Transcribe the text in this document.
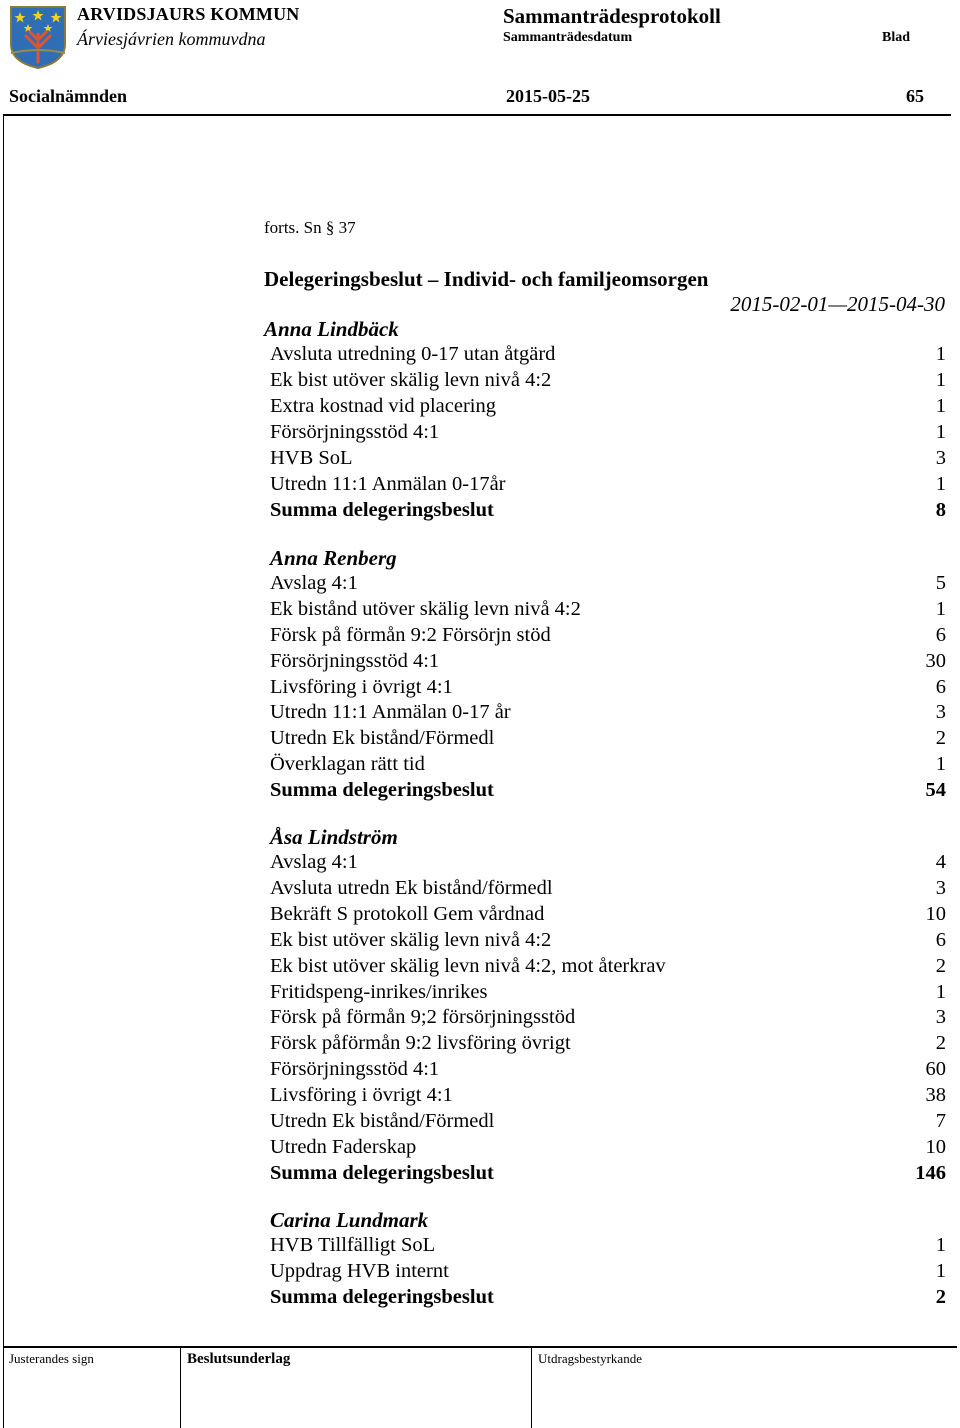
ARVIDSJAURS KOMMUN
Árviesjávrien kommuvdna
Sammanträdesprotokoll
Sammanträdesdatum	Blad
Socialnämnden	2015-05-25	65
forts. Sn § 37
Delegeringsbeslut – Individ- och familjeomsorgen
2015-02-01—2015-04-30
Anna Lindbäck
Avsluta utredning 0-17 utan åtgärd	1
Ek bist utöver skälig levn nivå 4:2	1
Extra kostnad vid placering	1
Försörjningsstöd 4:1	1
HVB SoL	3
Utredn 11:1 Anmälan 0-17år	1
Summa delegeringsbeslut	8
Anna Renberg
Avslag 4:1	5
Ek bistånd utöver skälig levn nivå 4:2	1
Försk på förmån 9:2 Försörjn stöd	6
Försörjningsstöd 4:1	30
Livsföring i övrigt 4:1	6
Utredn 11:1 Anmälan 0-17 år	3
Utredn Ek bistånd/Förmedl	2
Överklagan rätt tid	1
Summa delegeringsbeslut	54
Åsa Lindström
Avslag 4:1	4
Avsluta utredn Ek bistånd/förmedl	3
Bekräft S protokoll Gem vårdnad	10
Ek bist utöver skälig levn nivå 4:2	6
Ek bist utöver skälig levn nivå 4:2, mot återkrav	2
Fritidspeng-inrikes/inrikes	1
Försk på förmån 9;2 försörjningsstöd	3
Försk påförmån 9:2 livsföring övrigt	2
Försörjningsstöd 4:1	60
Livsföring i övrigt 4:1	38
Utredn Ek bistånd/Förmedl	7
Utredn Faderskap	10
Summa delegeringsbeslut	146
Carina Lundmark
HVB Tillfälligt SoL	1
Uppdrag HVB internt	1
Summa delegeringsbeslut	2
Justerandes sign	Beslutsunderlag	Utdragsbestyrkande
